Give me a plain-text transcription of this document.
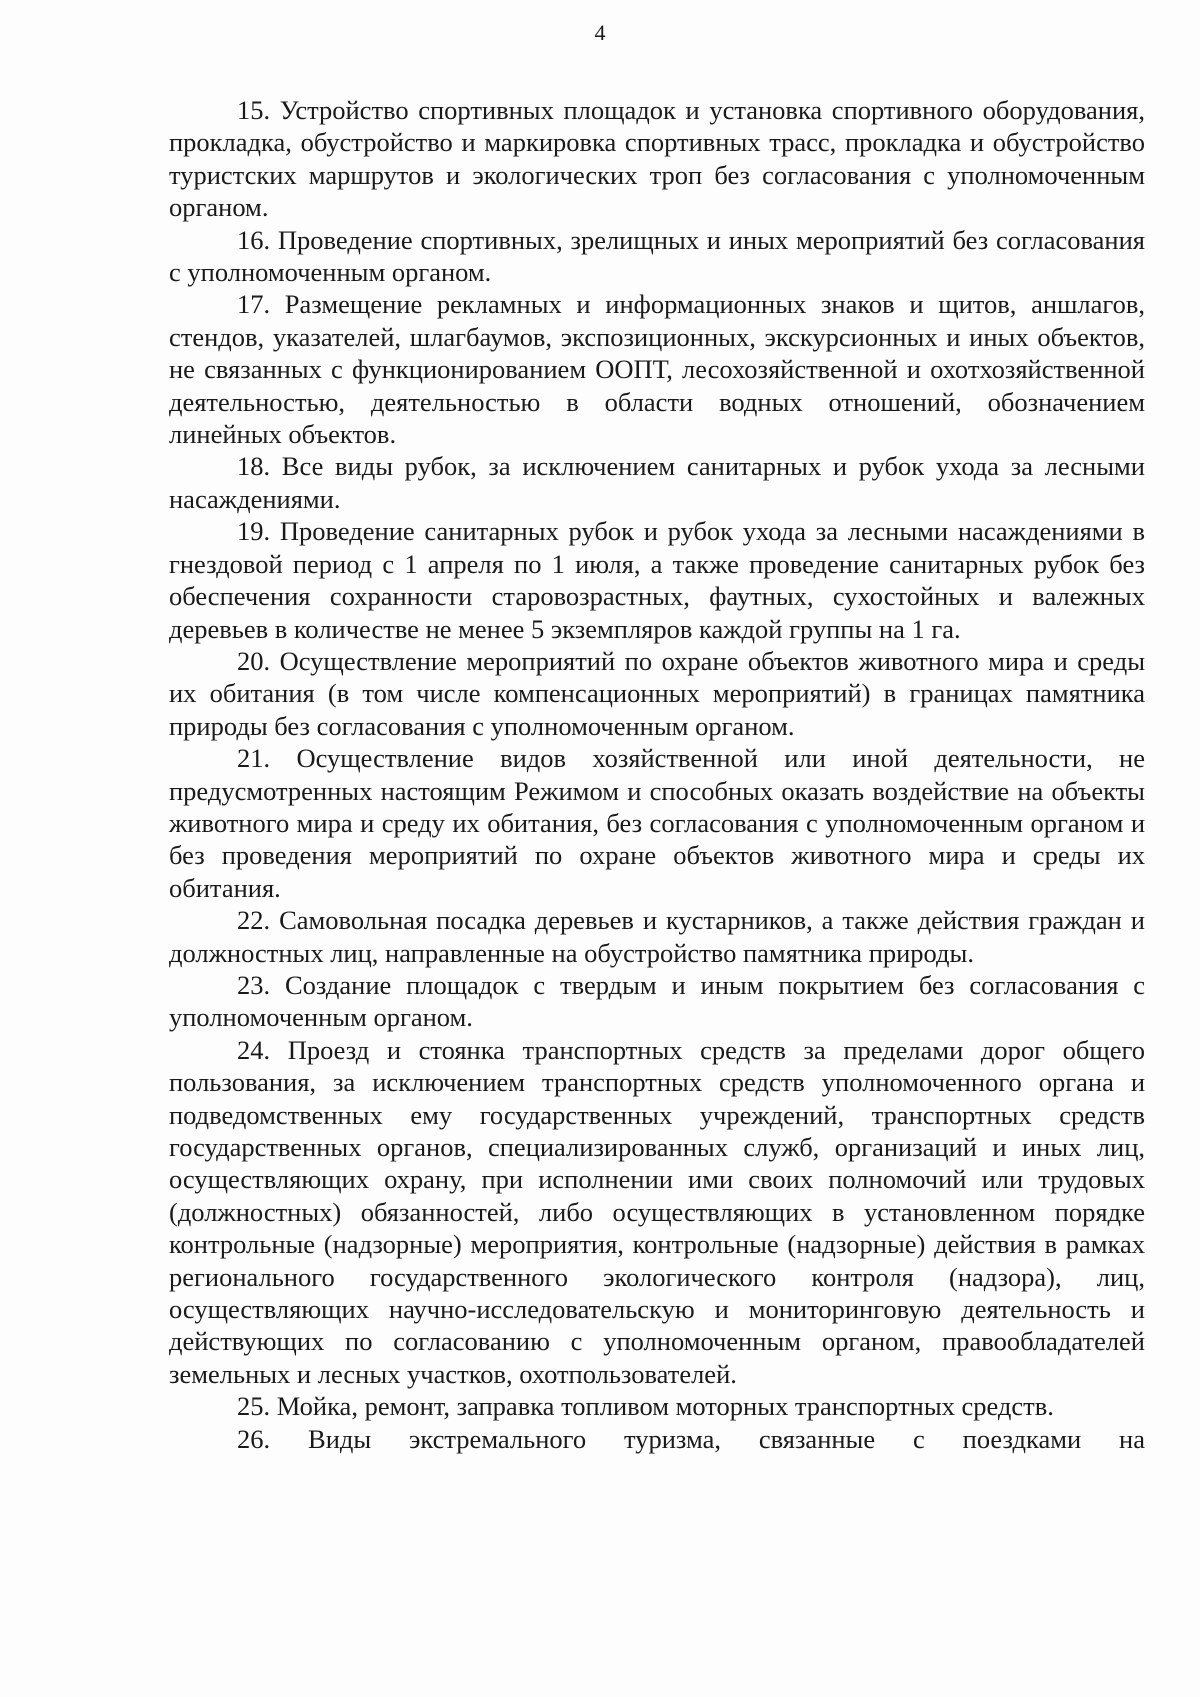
4

15. Устройство спортивных площадок и установка спортивного оборудования, прокладка, обустройство и маркировка спортивных трасс, прокладка и обустройство туристских маршрутов и экологических троп без согласования с уполномоченным органом.

16. Проведение спортивных, зрелищных и иных мероприятий без согласования с уполномоченным органом.

17. Размещение рекламных и информационных знаков и щитов, аншлагов, стендов, указателей, шлагбаумов, экспозиционных, экскурсионных и иных объектов, не связанных с функционированием ООПТ, лесохозяйственной и охотхозяйственной деятельностью, деятельностью в области водных отношений, обозначением линейных объектов.

18. Все виды рубок, за исключением санитарных и рубок ухода за лесными насаждениями.

19. Проведение санитарных рубок и рубок ухода за лесными насаждениями в гнездовой период с 1 апреля по 1 июля, а также проведение санитарных рубок без обеспечения сохранности старовозрастных, фаутных, сухостойных и валежных деревьев в количестве не менее 5 экземпляров каждой группы на 1 га.

20. Осуществление мероприятий по охране объектов животного мира и среды их обитания (в том числе компенсационных мероприятий) в границах памятника природы без согласования с уполномоченным органом.

21. Осуществление видов хозяйственной или иной деятельности, не предусмотренных настоящим Режимом и способных оказать воздействие на объекты животного мира и среду их обитания, без согласования с уполномоченным органом и без проведения мероприятий по охране объектов животного мира и среды их обитания.

22. Самовольная посадка деревьев и кустарников, а также действия граждан и должностных лиц, направленные на обустройство памятника природы.

23. Создание площадок с твердым и иным покрытием без согласования с уполномоченным органом.

24. Проезд и стоянка транспортных средств за пределами дорог общего пользования, за исключением транспортных средств уполномоченного органа и подведомственных ему государственных учреждений, транспортных средств государственных органов, специализированных служб, организаций и иных лиц, осуществляющих охрану, при исполнении ими своих полномочий или трудовых (должностных) обязанностей, либо осуществляющих в установленном порядке контрольные (надзорные) мероприятия, контрольные (надзорные) действия в рамках регионального государственного экологического контроля (надзора), лиц, осуществляющих научно-исследовательскую и мониторинговую деятельность и действующих по согласованию с уполномоченным органом, правообладателей земельных и лесных участков, охотпользователей.

25. Мойка, ремонт, заправка топливом моторных транспортных средств.

26. Виды экстремального туризма, связанные с поездками на
